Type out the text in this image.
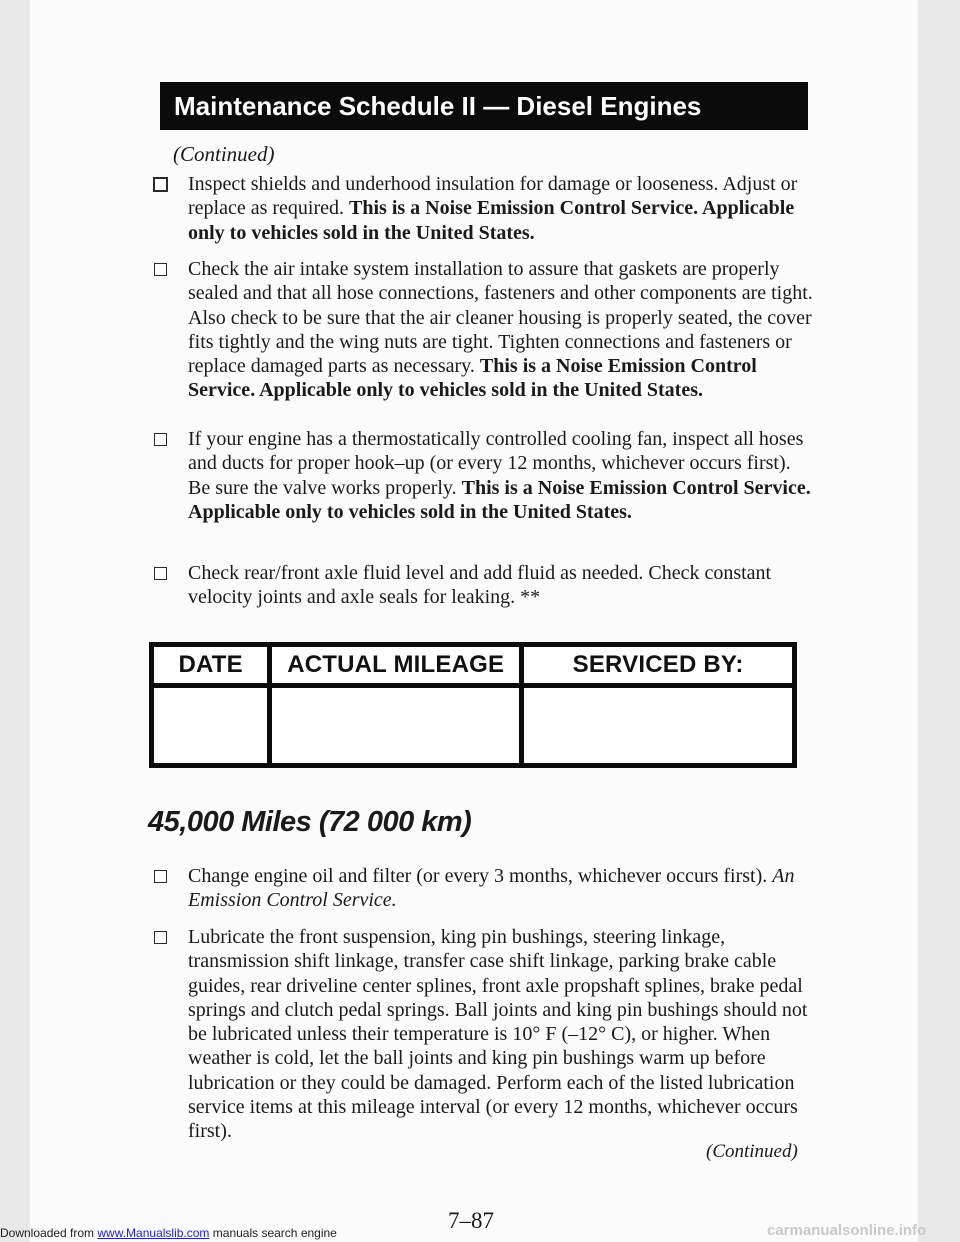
Maintenance Schedule II — Diesel Engines
(Continued)
Inspect shields and underhood insulation for damage or looseness. Adjust or replace as required. This is a Noise Emission Control Service. Applicable only to vehicles sold in the United States.
Check the air intake system installation to assure that gaskets are properly sealed and that all hose connections, fasteners and other components are tight. Also check to be sure that the air cleaner housing is properly seated, the cover fits tightly and the wing nuts are tight. Tighten connections and fasteners or replace damaged parts as necessary. This is a Noise Emission Control Service. Applicable only to vehicles sold in the United States.
If your engine has a thermostatically controlled cooling fan, inspect all hoses and ducts for proper hook–up (or every 12 months, whichever occurs first). Be sure the valve works properly. This is a Noise Emission Control Service. Applicable only to vehicles sold in the United States.
Check rear/front axle fluid level and add fluid as needed. Check constant velocity joints and axle seals for leaking. **
DATE	ACTUAL MILEAGE	SERVICED BY:

45,000 Miles (72 000 km)
Change engine oil and filter (or every 3 months, whichever occurs first). An Emission Control Service.
Lubricate the front suspension, king pin bushings, steering linkage, transmission shift linkage, transfer case shift linkage, parking brake cable guides, rear driveline center splines, front axle propshaft splines, brake pedal springs and clutch pedal springs. Ball joints and king pin bushings should not be lubricated unless their temperature is 10° F (–12° C), or higher. When weather is cold, let the ball joints and king pin bushings warm up before lubrication or they could be damaged. Perform each of the listed lubrication service items at this mileage interval (or every 12 months, whichever occurs first).
(Continued)
7–87
Downloaded from www.Manualslib.com manuals search engine	carmanualsonline.info
